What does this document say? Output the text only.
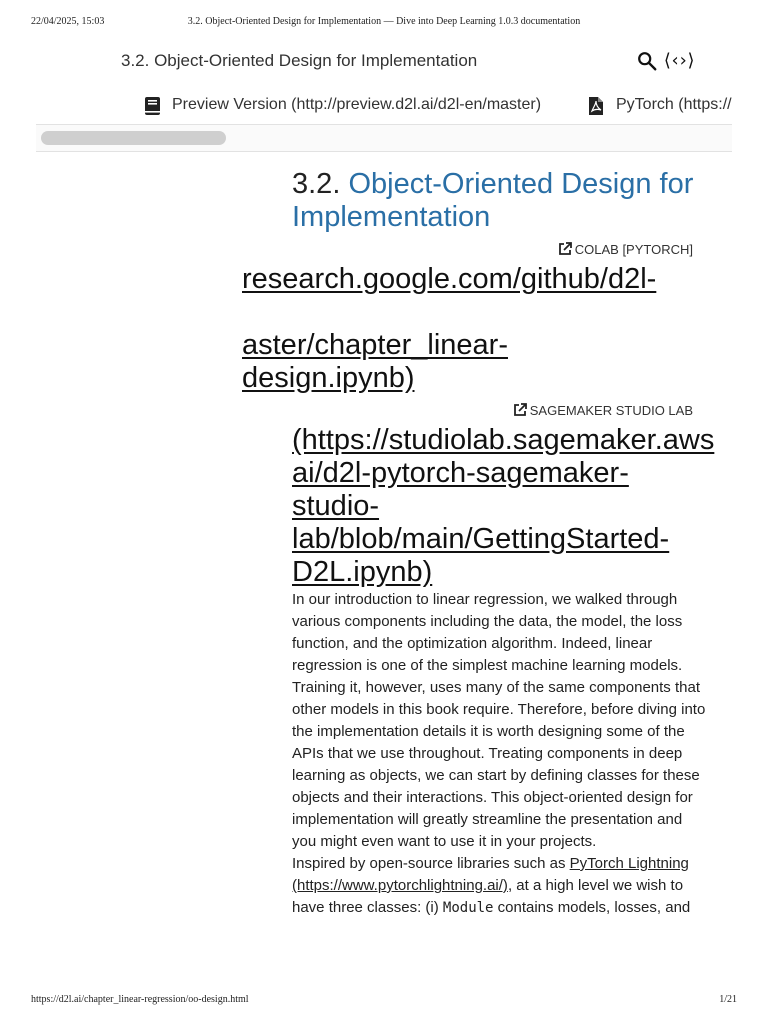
22/04/2025, 15:03	3.2. Object-Oriented Design for Implementation — Dive into Deep Learning 1.0.3 documentation
3.2. Object-Oriented Design for Implementation	⟨‹›⟩
Preview Version (http://preview.d2l.ai/d2l-en/master)	PyTorch (https://
3.2. Object-Oriented Design for Implementation
COLAB [PYTORCH]
research.google.com/github/d2l-
aster/chapter_linear-
design.ipynb)
SAGEMAKER STUDIO LAB
(https://studiolab.sagemaker.aws
ai/d2l-pytorch-sagemaker-
studio-
lab/blob/main/GettingStarted-
D2L.ipynb)

In our introduction to linear regression, we walked through various components including the data, the model, the loss function, and the optimization algorithm. Indeed, linear regression is one of the simplest machine learning models. Training it, however, uses many of the same components that other models in this book require. Therefore, before diving into the implementation details it is worth designing some of the APIs that we use throughout. Treating components in deep learning as objects, we can start by defining classes for these objects and their interactions. This object-oriented design for implementation will greatly streamline the presentation and you might even want to use it in your projects.

Inspired by open-source libraries such as PyTorch Lightning (https://www.pytorchlightning.ai/), at a high level we wish to have three classes: (i) Module contains models, losses, and

https://d2l.ai/chapter_linear-regression/oo-design.html	1/21
